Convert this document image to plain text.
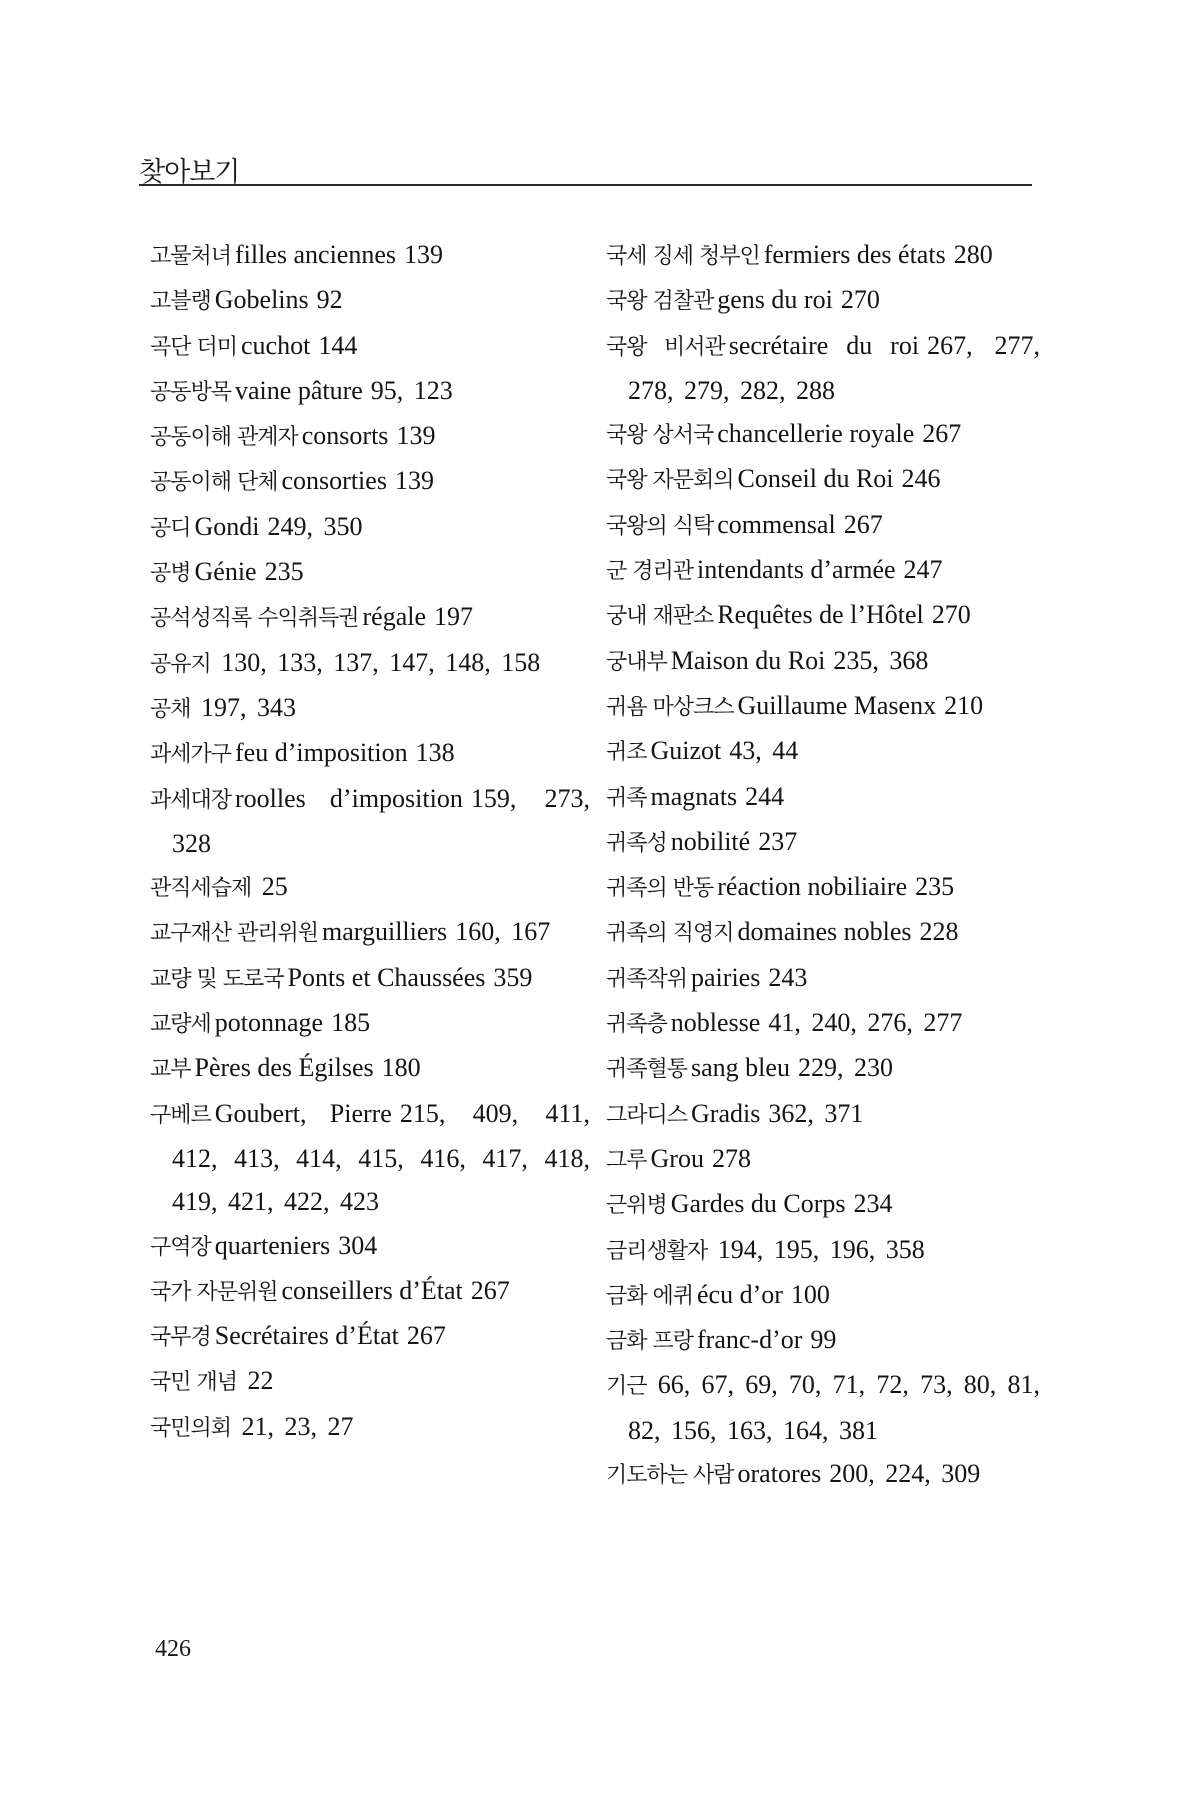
찾아보기

고물처녀 filles anciennes 139

고블랭 Gobelins 92

곡단 더미 cuchot 144

공동방목 vaine pâture 95, 123

공동이해 관계자 consorts 139

공동이해 단체 consorties 139

공디 Gondi 249, 350

공병 Génie 235

공석성직록 수익취득권 régale 197

공유지 130, 133, 137, 147, 148, 158

공채 197, 343

과세가구 feu d’imposition 138

과세대장 roolles d’imposition 159, 273, 328

관직세습제 25

교구재산 관리위원 marguilliers 160, 167

교량 및 도로국 Ponts et Chaussées 359

교량세 potonnage 185

교부 Pères des Égilses 180

구베르 Goubert, Pierre 215, 409, 411, 412, 413, 414, 415, 416, 417, 418, 419, 421, 422, 423

구역장 quarteniers 304

국가 자문위원 conseillers d’État 267

국무경 Secrétaires d’État 267

국민 개념 22

국민의회 21, 23, 27

국세 징세 청부인 fermiers des états 280

국왕 검찰관 gens du roi 270

국왕 비서관 secrétaire du roi 267, 277, 278, 279, 282, 288

국왕 상서국 chancellerie royale 267

국왕 자문회의 Conseil du Roi 246

국왕의 식탁 commensal 267

군 경리관 intendants d’armée 247

궁내 재판소 Requêtes de l’Hôtel 270

궁내부 Maison du Roi 235, 368

귀욤 마상크스 Guillaume Masenx 210

귀조 Guizot 43, 44

귀족 magnats 244

귀족성 nobilité 237

귀족의 반동 réaction nobiliaire 235

귀족의 직영지 domaines nobles 228

귀족작위 pairies 243

귀족층 noblesse 41, 240, 276, 277

귀족혈통 sang bleu 229, 230

그라디스 Gradis 362, 371

그루 Grou 278

근위병 Gardes du Corps 234

금리생활자 194, 195, 196, 358

금화 에퀴 écu d’or 100

금화 프랑 franc-d’or 99

기근 66, 67, 69, 70, 71, 72, 73, 80, 81, 82, 156, 163, 164, 381

기도하는 사람 oratores 200, 224, 309

426
